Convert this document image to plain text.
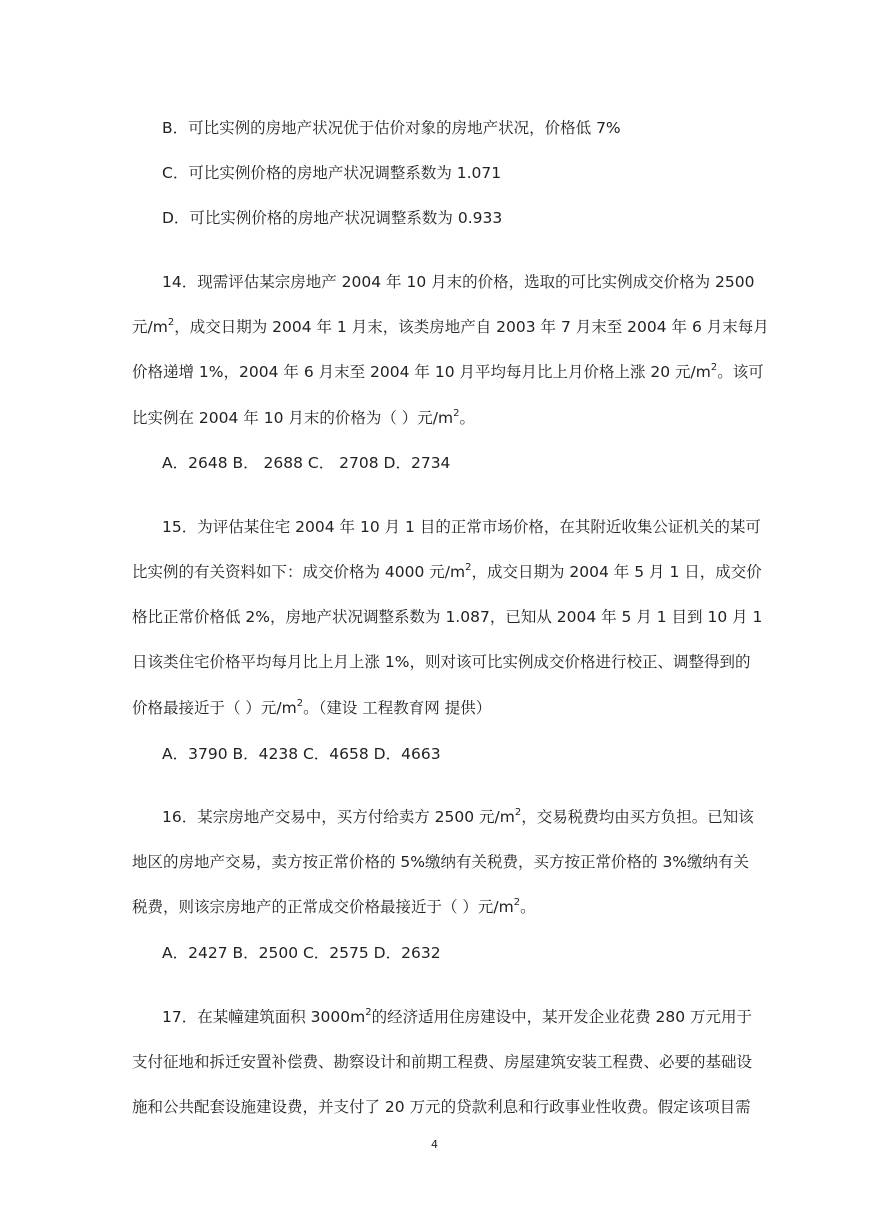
B．可比实例的房地产状况优于估价对象的房地产状况，价格低 7%
C．可比实例价格的房地产状况调整系数为 1.071
D．可比实例价格的房地产状况调整系数为 0.933
14．现需评估某宗房地产 2004 年 10 月末的价格，选取的可比实例成交价格为 2500
元$/m^2$，成交日期为 2004 年 1 月末，该类房地产自 2003 年 7 月末至 2004 年 6 月末每月
价格递增 1%，2004 年 6 月末至 2004 年 10 月平均每月比上月价格上涨 20 元$/m^2$。该可
比实例在 2004 年 10 月末的价格为（ ）元$/m^2$。
A．2648 B． 2688 C． 2708 D．2734
15．为评估某住宅 2004 年 10 月 1 目的正常市场价格，在其附近收集公证机关的某可
比实例的有关资料如下：成交价格为 4000 元$/m^2$，成交日期为 2004 年 5 月 1 日，成交价
格比正常价格低 2%，房地产状况调整系数为 1.087，已知从 2004 年 5 月 1 目到 10 月 1
日该类住宅价格平均每月比上月上涨 1%，则对该可比实例成交价格进行校正、调整得到的
价格最接近于（ ）元$/m^2$。（建设 工程教育网 提供）
A．3790 B．4238 C．4658 D．4663
16．某宗房地产交易中，买方付给卖方 2500 元$/m^2$，交易税费均由买方负担。已知该
地区的房地产交易，卖方按正常价格的 5%缴纳有关税费，买方按正常价格的 3%缴纳有关
税费，则该宗房地产的正常成交价格最接近于（ ）元$/m^2$。
A．2427 B．2500 C．2575 D．2632
17．在某幢建筑面积 $3000m^2$的经济适用住房建设中，某开发企业花费 280 万元用于
支付征地和拆迁安置补偿费、勘察设计和前期工程费、房屋建筑安装工程费、必要的基础设
施和公共配套设施建设费，并支付了 20 万元的贷款利息和行政事业性收费。假定该项目需
4
